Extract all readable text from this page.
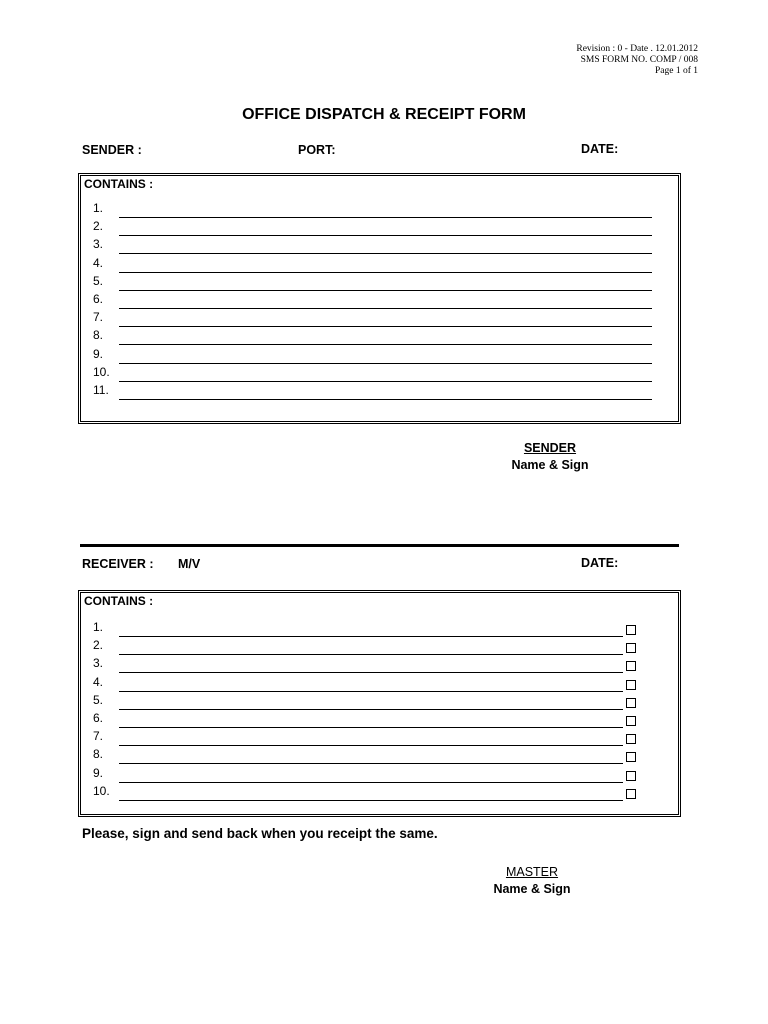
Revision : 0 - Date . 12.01.2012
SMS FORM NO. COMP / 008
Page 1 of 1
OFFICE DISPATCH & RECEIPT FORM
SENDER :	PORT:	DATE:
CONTAINS :
1.
2.
3.
4.
5.
6.
7.
8.
9.
10.
11.
SENDER
Name & Sign
RECEIVER : M/V	DATE:
CONTAINS :
1.
2.
3.
4.
5.
6.
7.
8.
9.
10.
Please, sign and send back when you receipt the same.
MASTER
Name & Sign
